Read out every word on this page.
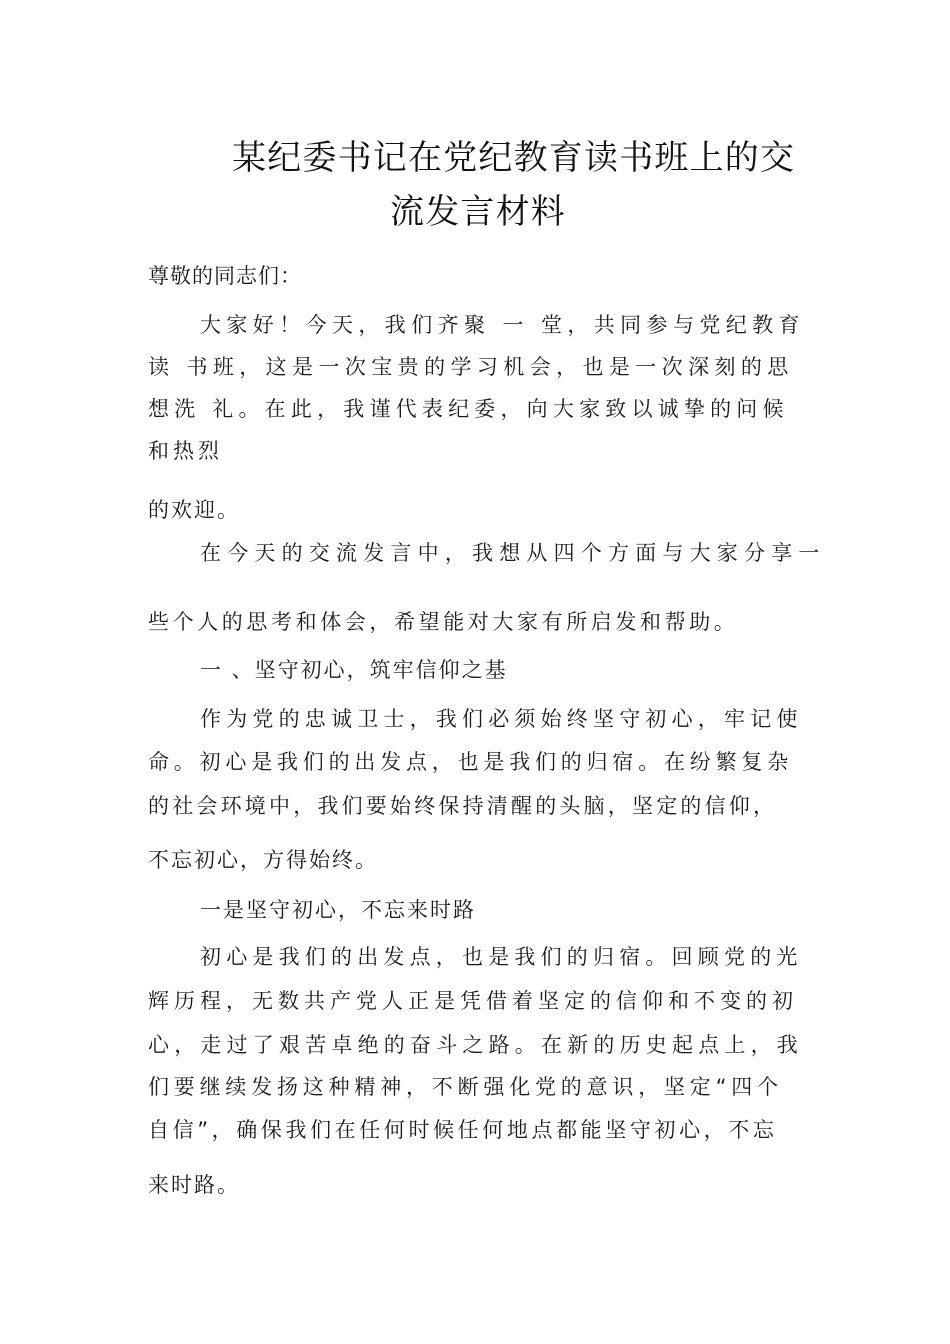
某纪委书记在党纪教育读书班上的交
流发言材料
尊敬的同志们：
大家好！今天，我们齐聚 一 堂，共同参与党纪教育
读 书班，这是一次宝贵的学习机会，也是一次深刻的思
想洗 礼。在此，我谨代表纪委，向大家致以诚挚的问候
和热烈
的欢迎。
在今天的交流发言中，我想从四个方面与大家分享一
些个人的思考和体会，希望能对大家有所启发和帮助。
一 、坚守初心，筑牢信仰之基
作为党的忠诚卫士，我们必须始终坚守初心，牢记使
命。初心是我们的出发点，也是我们的归宿。在纷繁复杂
的社会环境中，我们要始终保持清醒的头脑，坚定的信仰，
不忘初心，方得始终。
一是坚守初心，不忘来时路
初心是我们的出发点，也是我们的归宿。回顾党的光
辉历程，无数共产党人正是凭借着坚定的信仰和不变的初
心，走过了艰苦卓绝的奋斗之路。在新的历史起点上，我
们要继续发扬这种精神，不断强化党的意识，坚定“四个
自信”，确保我们在任何时候任何地点都能坚守初心，不忘
来时路。
